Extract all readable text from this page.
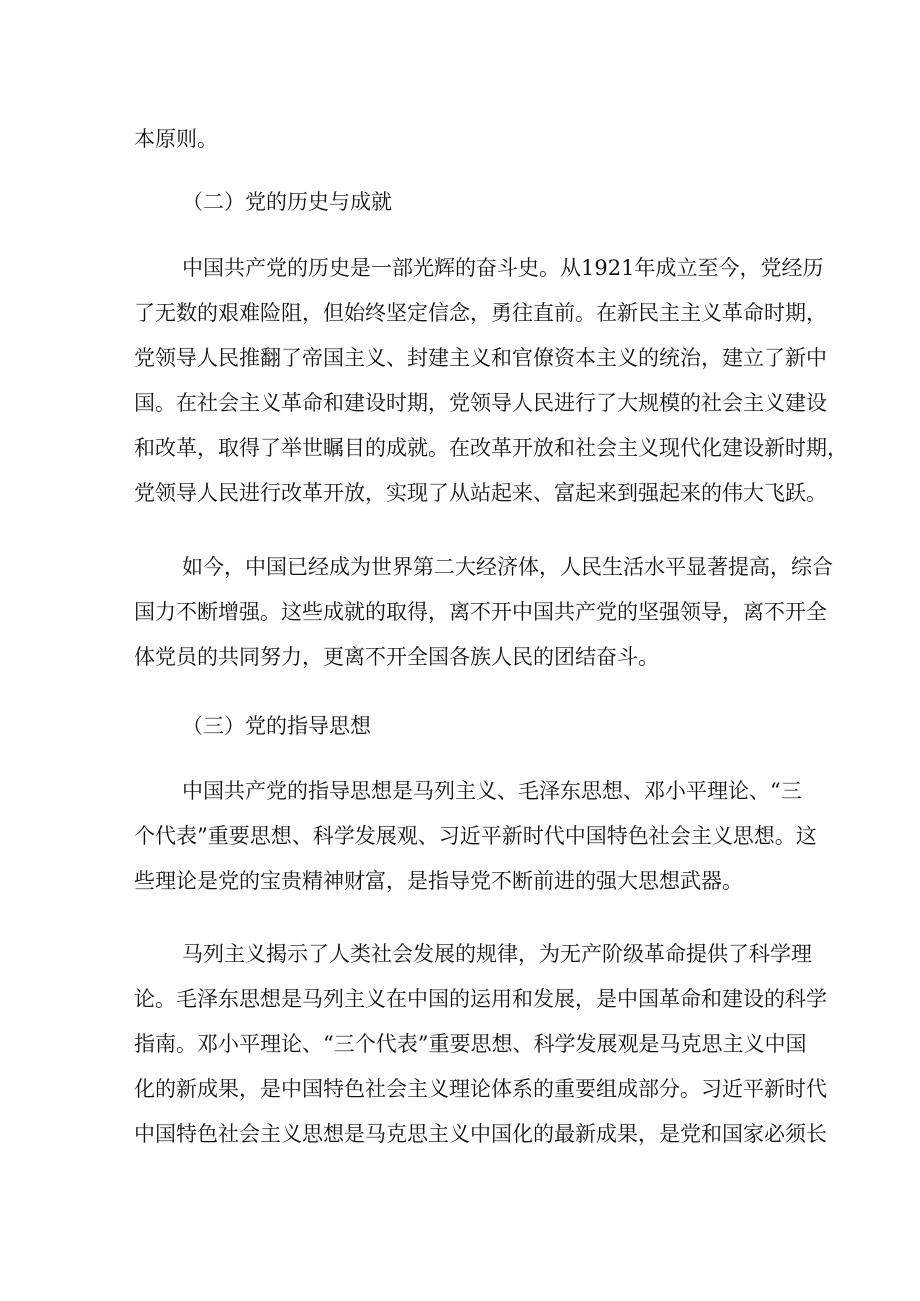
本原则。
（二）党的历史与成就
中国共产党的历史是一部光辉的奋斗史。从1921年成立至今，党经历
了无数的艰难险阻，但始终坚定信念，勇往直前。在新民主主义革命时期，
党领导人民推翻了帝国主义、封建主义和官僚资本主义的统治，建立了新中
国。在社会主义革命和建设时期，党领导人民进行了大规模的社会主义建设
和改革，取得了举世瞩目的成就。在改革开放和社会主义现代化建设新时期，
党领导人民进行改革开放，实现了从站起来、富起来到强起来的伟大飞跃。
如今，中国已经成为世界第二大经济体，人民生活水平显著提高，综合
国力不断增强。这些成就的取得，离不开中国共产党的坚强领导，离不开全
体党员的共同努力，更离不开全国各族人民的团结奋斗。
（三）党的指导思想
中国共产党的指导思想是马列主义、毛泽东思想、邓小平理论、“三
个代表”重要思想、科学发展观、习近平新时代中国特色社会主义思想。这
些理论是党的宝贵精神财富，是指导党不断前进的强大思想武器。
马列主义揭示了人类社会发展的规律，为无产阶级革命提供了科学理
论。毛泽东思想是马列主义在中国的运用和发展，是中国革命和建设的科学
指南。邓小平理论、“三个代表”重要思想、科学发展观是马克思主义中国
化的新成果，是中国特色社会主义理论体系的重要组成部分。习近平新时代
中国特色社会主义思想是马克思主义中国化的最新成果，是党和国家必须长
